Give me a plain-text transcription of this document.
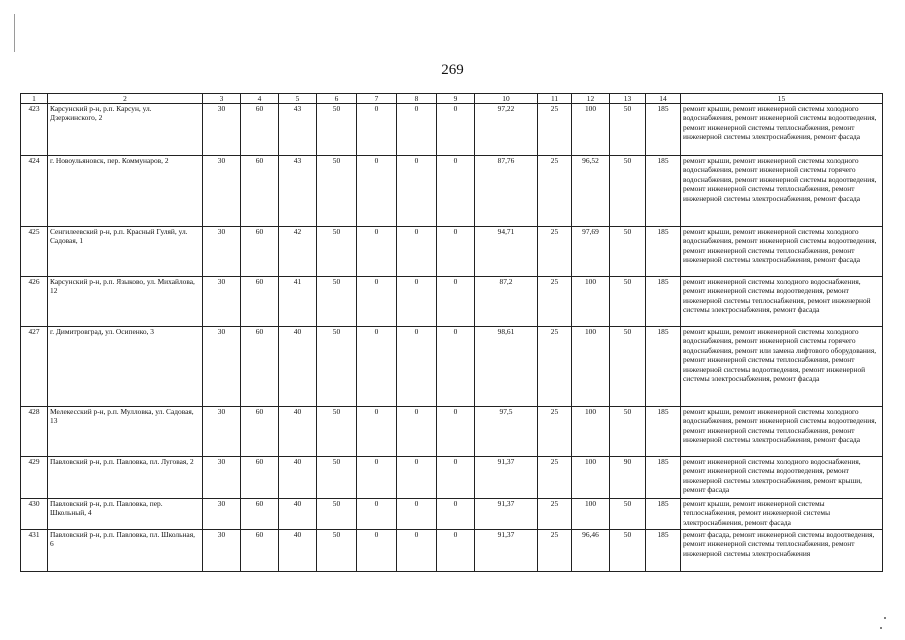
269
1	2	3	4	5	6	7	8	9	10	11	12	13	14	15
423	Карсунский р-н, р.п. Карсун, ул. Дзержинского, 2	30	60	43	50	0	0	0	97,22	25	100	50	185	ремонт крыши, ремонт инженерной системы холодного водоснабжения, ремонт инженерной системы водоотведения, ремонт инженерной системы теплоснабжения, ремонт инженерной системы электроснабжения, ремонт фасада
424	г. Новоульяновск, пер. Коммунаров, 2	30	60	43	50	0	0	0	87,76	25	96,52	50	185	ремонт крыши, ремонт инженерной системы холодного водоснабжения, ремонт инженерной системы горячего водоснабжения, ремонт инженерной системы водоотведения, ремонт инженерной системы теплоснабжения, ремонт инженерной системы электроснабжения, ремонт фасада
425	Сенгилеевский р-н, р.п. Красный Гуляй, ул. Садовая, 1	30	60	42	50	0	0	0	94,71	25	97,69	50	185	ремонт крыши, ремонт инженерной системы холодного водоснабжения, ремонт инженерной системы водоотведения, ремонт инженерной системы теплоснабжения, ремонт инженерной системы электроснабжения, ремонт фасада
426	Карсунский р-н, р.п. Языково, ул. Михайлова, 12	30	60	41	50	0	0	0	87,2	25	100	50	185	ремонт инженерной системы холодного водоснабжения, ремонт инженерной системы водоотведения, ремонт инженерной системы теплоснабжения, ремонт инженерной системы электроснабжения, ремонт фасада
427	г. Димитровград, ул. Осипенко, 3	30	60	40	50	0	0	0	98,61	25	100	50	185	ремонт крыши, ремонт инженерной системы холодного водоснабжения, ремонт инженерной системы горячего водоснабжения, ремонт или замена лифтового оборудования, ремонт инженерной системы теплоснабжения, ремонт инженерной системы водоотведения, ремонт инженерной системы электроснабжения, ремонт фасада
428	Мелекесский р-н, р.п. Мулловка, ул. Садовая, 13	30	60	40	50	0	0	0	97,5	25	100	50	185	ремонт крыши, ремонт инженерной системы холодного водоснабжения, ремонт инженерной системы водоотведения, ремонт инженерной системы теплоснабжения, ремонт инженерной системы электроснабжения, ремонт фасада
429	Павловский р-н, р.п. Павловка, пл. Луговая, 2	30	60	40	50	0	0	0	91,37	25	100	90	185	ремонт инженерной системы холодного водоснабжения, ремонт инженерной системы водоотведения, ремонт инженерной системы электроснабжения, ремонт крыши, ремонт фасада
430	Павловский р-н, р.п. Павловка, пер. Школьный, 4	30	60	40	50	0	0	0	91,37	25	100	50	185	ремонт крыши, ремонт инженерной системы теплоснабжения, ремонт инженерной системы электроснабжения, ремонт фасада
431	Павловский р-н, р.п. Павловка, пл. Школьная, 6	30	60	40	50	0	0	0	91,37	25	96,46	50	185	ремонт фасада, ремонт инженерной системы водоотведения, ремонт инженерной системы теплоснабжения, ремонт инженерной системы электроснабжения
